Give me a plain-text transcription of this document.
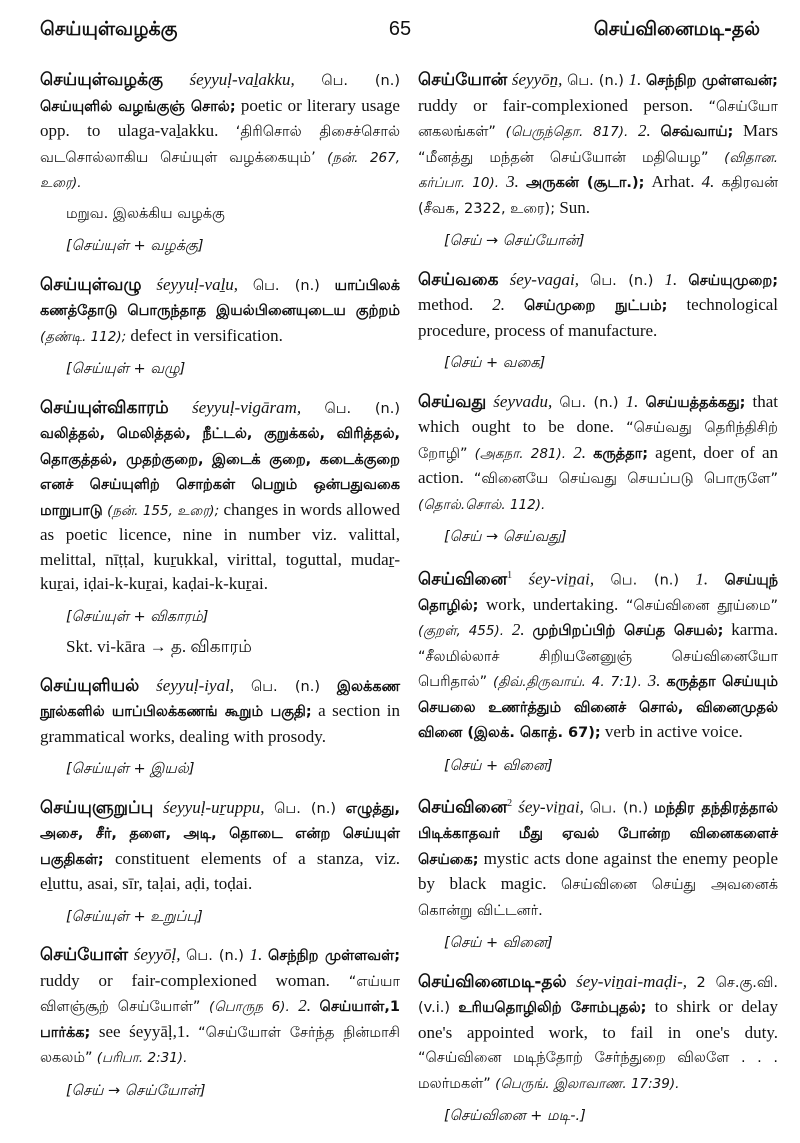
65
செய்யுள்வழக்கு	செய்வினைமடி-தல்
செய்யுள்வழக்கு śeyyuḷ-vaḻakku, பெ. (n.) செய்யுளில் வழங்குஞ் சொல்; poetic or literary usage opp. to ulaga-vaḻakku. ‘திரிசொல் திசைச்சொல் வடசொல்லாகிய செய்யுள் வழக்கையும்’ (நன். 267, உரை).
மறுவ. இலக்கிய வழக்கு
[செய்யுள் + வழக்கு]
செய்யுள்வழு śeyyuḷ-vaḻu, பெ. (n.) யாப்பிலக் கணத்தோடு பொருந்தாத இயல்பினையுடைய குற்றம் (தண்டி. 112); defect in versification.
[செய்யுள் + வழு]
செய்யுள்விகாரம் śeyyuḷ-vigāram, பெ. (n.) வலித்தல், மெலித்தல், நீட்டல், குறுக்கல், விரித்தல், தொகுத்தல், முதற்குறை, இடைக் குறை, கடைக்குறை எனச் செய்யுளிற் சொற்கள் பெறும் ஒன்பதுவகை மாறுபாடு (நன். 155, உரை); changes in words allowed as poetic licence, nine in number viz. valittal, melittal, nīṭṭal, kuṟukkal, virittal, toguttal, mudaṟ-kuṟai, iḍai-k-kuṟai, kaḍai-k-kuṟai.
[செய்யுள் + விகாரம்]
Skt. vi-kāra → த. விகாரம்
செய்யுளியல் śeyyuḷ-iyal, பெ. (n.) இலக்கண நூல்களில் யாப்பிலக்கணங் கூறும் பகுதி; a section in grammatical works, dealing with prosody.
[செய்யுள் + இயல்]
செய்யுளுறுப்பு śeyyuḷ-uṟuppu, பெ. (n.) எழுத்து, அசை, சீர், தளை, அடி, தொடை என்ற செய்யுள் பகுதிகள்; constituent elements of a stanza, viz. eḻuttu, asai, sīr, taḷai, aḍi, toḍai.
[செய்யுள் + உறுப்பு]
செய்யோள் śeyyōḷ, பெ. (n.) 1. செந்நிற முள்ளவள்; ruddy or fair-complexioned woman. “எய்யா விளஞ்சூற் செய்யோள்” (பொருந 6). 2. செய்யாள்,1 பார்க்க; see śeyyāḷ,1. “செய்யோள் சேர்ந்த நின்மாசி லகலம்” (பரிபா. 2:31).
[செய் → செய்யோள்]
செய்யோன் śeyyōṉ, பெ. (n.) 1. செந்நிற முள்ளவன்; ruddy or fair-complexioned person. “செய்யோ னகலங்கள்” (பெருந்தொ. 817). 2. செவ்வாய்; Mars “மீனத்து மந்தன் செய்யோன் மதியெழ” (விதான. கர்ப்பா. 10). 3. அருகன் (சூடா.); Arhat. 4. கதிரவன் (சீவக, 2322, உரை); Sun.
[செய் → செய்யோன்]
செய்வகை śey-vagai, பெ. (n.) 1. செய்யுமுறை; method. 2. செய்முறை நுட்பம்; technological procedure, process of manufacture.
[செய் + வகை]
செய்வது śeyvadu, பெ. (n.) 1. செய்யத்தக்கது; that which ought to be done. “செய்வது தெரிந்திசிற் றோழி” (அகநா. 281). 2. கருத்தா; agent, doer of an action. “வினையே செய்வது செயப்படு பொருளே” (தொல்.சொல். 112).
[செய் → செய்வது]
செய்வினை$^1$ śey-viṉai, பெ. (n.) 1. செய்யுந் தொழில்; work, undertaking. “செய்வினை தூய்மை” (குறள், 455). 2. முற்பிறப்பிற் செய்த செயல்; karma. “சீலமில்லாச் சிறியனேனுஞ் செய்வினையோ பெரிதால்” (திவ்.திருவாய். 4. 7:1). 3. கருத்தா செய்யும் செயலை உணர்த்தும் வினைச் சொல், வினைமுதல் வினை (இலக். கொத். 67); verb in active voice.
[செய் + வினை]
செய்வினை$^2$ śey-viṉai, பெ. (n.) மந்திர தந்திரத்தால் பிடிக்காதவர் மீது ஏவல் போன்ற வினைகளைச் செய்கை; mystic acts done against the enemy people by black magic. செய்வினை செய்து அவனைக் கொன்று விட்டனர்.
[செய் + வினை]
செய்வினைமடி-தல் śey-viṉai-maḍi-, 2 செ.கு.வி. (v.i.) உரியதொழிலிற் சோம்புதல்; to shirk or delay one's appointed work, to fail in one's duty. “செய்வினை மடிந்தோற் சேர்ந்துறை விலளே . . . மலர்மகள்” (பெருங். இலாவாண. 17:39).
[செய்வினை + மடி-.]
